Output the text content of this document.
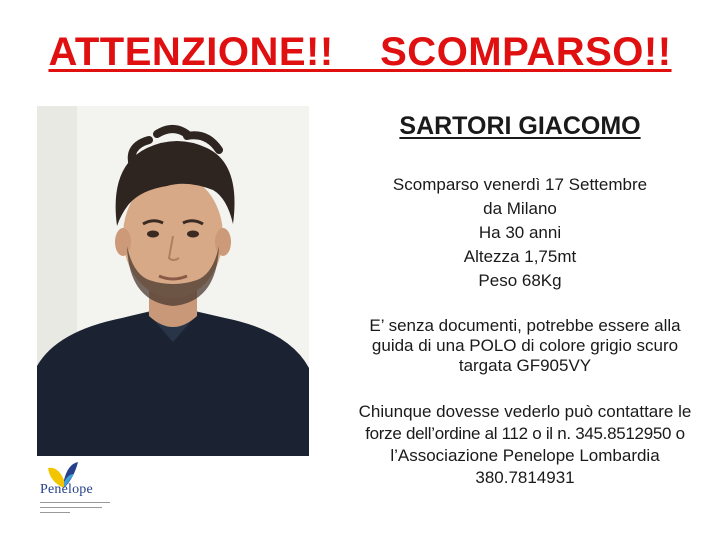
ATTENZIONE!!    SCOMPARSO!!
Penelope
SARTORI GIACOMO
Scomparso venerdì 17 Settembre
da Milano
Ha 30 anni
Altezza 1,75mt
Peso 68Kg
E’ senza documenti, potrebbe essere alla
guida di una POLO di colore grigio scuro
targata GF905VY
Chiunque dovesse vederlo può contattare le
forze dell’ordine al 112 o il n. 345.8512950 o
l’Associazione Penelope Lombardia
380.7814931
